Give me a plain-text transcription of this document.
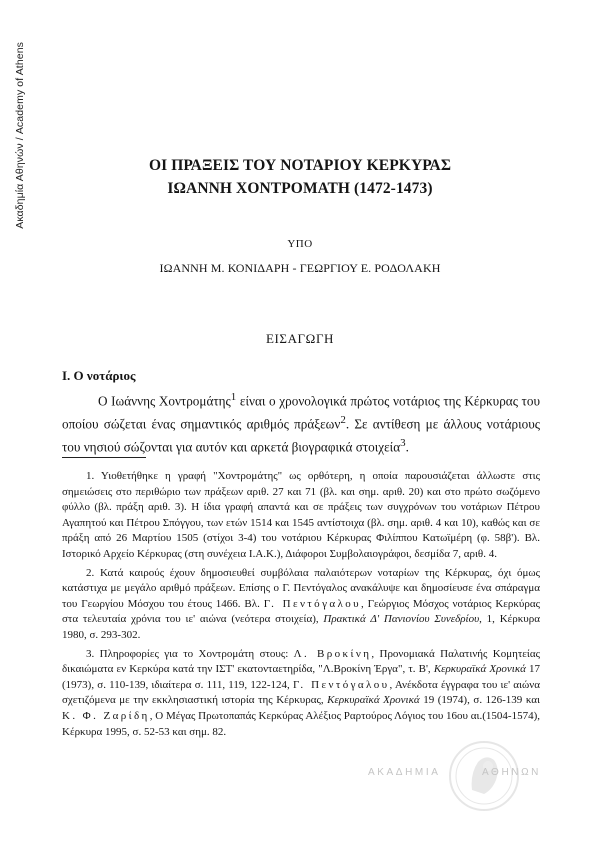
Ακαδημία Αθηνών / Academy of Athens	ΟΙ ΠΡΑΞΕΙΣ ΤΟΥ ΝΟΤΑΡΙΟΥ ΚΕΡΚΥΡΑΣ
ΙΩΑΝΝΗ ΧΟΝΤΡΟΜΑΤΗ (1472-1473)
ΥΠΟ
ΙΩΑΝΝΗ Μ. ΚΟΝΙΔΑΡΗ - ΓΕΩΡΓΙΟΥ Ε. ΡΟΔΟΛΑΚΗ
ΕΙΣΑΓΩΓΗ
I. Ο νοτάριος

Ο Ιωάννης Χοντρομάτης$^1$ είναι ο χρονολογικά πρώτος νοτάριος της Κέρκυρας του οποίου σώζεται ένας σημαντικός αριθμός πράξεων$^2$. Σε αντίθεση με άλλους νοτάριους του νησιού σώζονται για αυτόν και αρκετά βιογραφικά στοιχεία$^3$.

1. Υιοθετήθηκε η γραφή "Χοντρομάτης" ως ορθότερη, η οποία παρουσιάζεται άλλωστε στις σημειώσεις στο περιθώριο των πράξεων αριθ. 27 και 71 (βλ. και σημ. αριθ. 20) και στο πρώτο σωζόμενο φύλλο (βλ. πράξη αριθ. 3). Η ίδια γραφή απαντά και σε πράξεις των συγχρόνων του νοτάριων Πέτρου Αγαπητού και Πέτρου Σπόγγου, των ετών 1514 και 1545 αντίστοιχα (βλ. σημ. αριθ. 4 και 10), καθώς και σε πράξη από 26 Μαρτίου 1505 (στίχοι 3-4) του νοτάριου Κέρκυρας Φιλίππου Κατωϊμέρη (φ. 58β'). Βλ. Ιστορικό Αρχείο Κέρκυρας (στη συνέχεια Ι.Α.Κ.), Διάφοροι Συμβολαιογράφοι, δεσμίδα 7, αριθ. 4.

2. Κατά καιρούς έχουν δημοσιευθεί συμβόλαια παλαιότερων νοταρίων της Κέρκυρας, όχι όμως κατάστιχα με μεγάλο αριθμό πράξεων. Επίσης ο Γ. Πεντόγαλος ανακάλυψε και δημοσίευσε ένα σπάραγμα του Γεωργίου Μόσχου του έτους 1466. Βλ. Γ. Πεντόγαλου, Γεώργιος Μόσχος νοτάριος Κερκύρας στα τελευταία χρόνια του ιε' αιώνα (νεότερα στοιχεία), Πρακτικά Δ' Πανιονίου Συνεδρίου, 1, Κέρκυρα 1980, σ. 293-302.

3. Πληροφορίες για το Χοντρομάτη στους: Λ. Βροκίνη, Προνομιακά Παλατινής Κομητείας δικαιώματα εν Κερκύρα κατά την ΙΣΤ' εκατονταετηρίδα, "Λ.Βροκίνη Έργα", τ. Β', Κερκυραϊκά Χρονικά 17 (1973), σ. 110-139, ιδιαίτερα σ. 111, 119, 122-124, Γ. Πεντόγαλου, Ανέκδοτα έγγραφα του ιε' αιώνα σχετιζόμενα με την εκκλησιαστική ιστορία της Κέρκυρας, Κερκυραϊκά Χρονικά 19 (1974), σ. 126-139 και Κ. Φ. Ζαρίδη, Ο Μέγας Πρωτοπαπάς Κερκύρας Αλέξιος Ραρτούρος Λόγιος του 16ου αι.(1504-1574), Κέρκυρα 1995, σ. 52-53 και σημ. 82.

ΑΚΑΔΗΜΙΑ	ΑΘΗΝΩΝ
